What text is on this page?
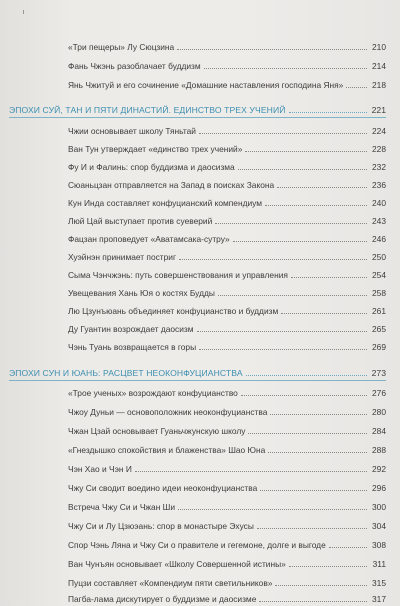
«Три пещеры» Лу Сюцзина	210
Фань Чжэнь разоблачает буддизм	214
Янь Чжитуй и его сочинение «Домашние наставления господина Яня»	218
ЭПОХИ СУЙ, ТАН И ПЯТИ ДИНАСТИЙ. ЕДИНСТВО ТРЕХ УЧЕНИЙ	221
Чжии основывает школу Тяньтай	224
Ван Тун утверждает «единство трех учений»	228
Фу И и Фалинь: спор буддизма и даосизма	232
Сюаньцзан отправляется на Запад в поисках Закона	236
Кун Инда составляет конфуцианский компендиум	240
Люй Цай выступает против суеверий	243
Фацзан проповедует «Аватамсака-сутру»	246
Хуэйнэн принимает постриг	250
Сыма Чэнчжэнь: путь совершенствования и управления	254
Увещевания Хань Юя о костях Будды	258
Лю Цзунъюань объединяет конфуцианство и буддизм	261
Ду Гуантин возрождает даосизм	265
Чэнь Туань возвращается в горы	269
ЭПОХИ СУН И ЮАНЬ: РАСЦВЕТ НЕОКОНФУЦИАНСТВА	273
«Трое ученых» возрождают конфуцианство	276
Чжоу Дуньи — основоположник неоконфуцианства	280
Чжан Цзай основывает Гуаньчжунскую школу	284
«Гнездышко спокойствия и блаженства» Шао Юна	288
Чэн Хао и Чэн И	292
Чжу Си сводит воедино идеи неоконфуцианства	296
Встреча Чжу Си и Чжан Ши	300
Чжу Си и Лу Цзюэань: спор в монастыре Эхусы	304
Спор Чэнь Ляна и Чжу Си о правителе и гегемоне, долге и выгоде	308
Ван Чунъян основывает «Школу Совершенной истины»	311
Пуцзи составляет «Компендиум пяти светильников»	315
Пагба-лама дискутирует о буддизме и даосизме	317
